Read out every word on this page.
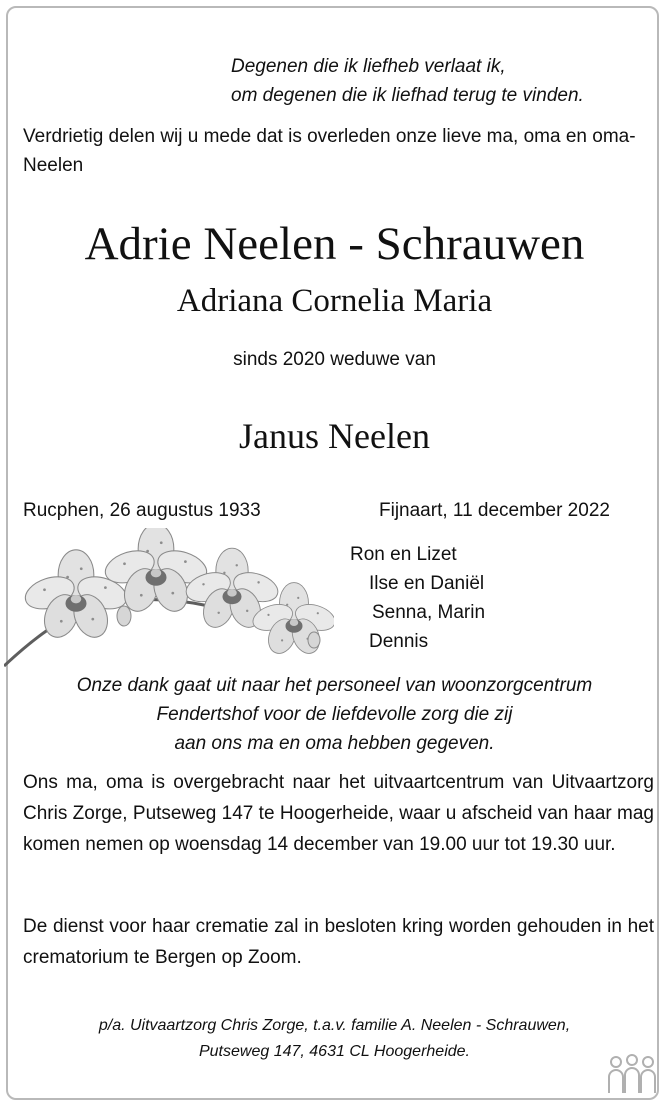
Degenen die ik liefheb verlaat ik,
om degenen die ik liefhad terug te vinden.
Verdrietig delen wij u mede dat is overleden onze lieve ma, oma en oma-Neelen
Adrie Neelen - Schrauwen
Adriana Cornelia Maria
sinds 2020 weduwe van
Janus Neelen
Rucphen, 26 augustus 1933	Fijnaart, 11 december 2022
Ron en Lizet
Ilse en Daniël
Senna, Marin
Dennis
Onze dank gaat uit naar het personeel van woonzorgcentrum
Fendertshof voor de liefdevolle zorg die zij
aan ons ma en oma hebben gegeven.
Ons ma, oma is overgebracht naar het uitvaartcentrum van Uitvaartzorg Chris Zorge, Putseweg 147 te Hoogerheide, waar u afscheid van haar mag komen nemen op woensdag 14 december van 19.00 uur tot 19.30 uur.
De dienst voor haar crematie zal in besloten kring worden gehouden in het crematorium te Bergen op Zoom.
p/a. Uitvaartzorg Chris Zorge, t.a.v. familie A. Neelen - Schrauwen,
Putseweg 147, 4631 CL Hoogerheide.
